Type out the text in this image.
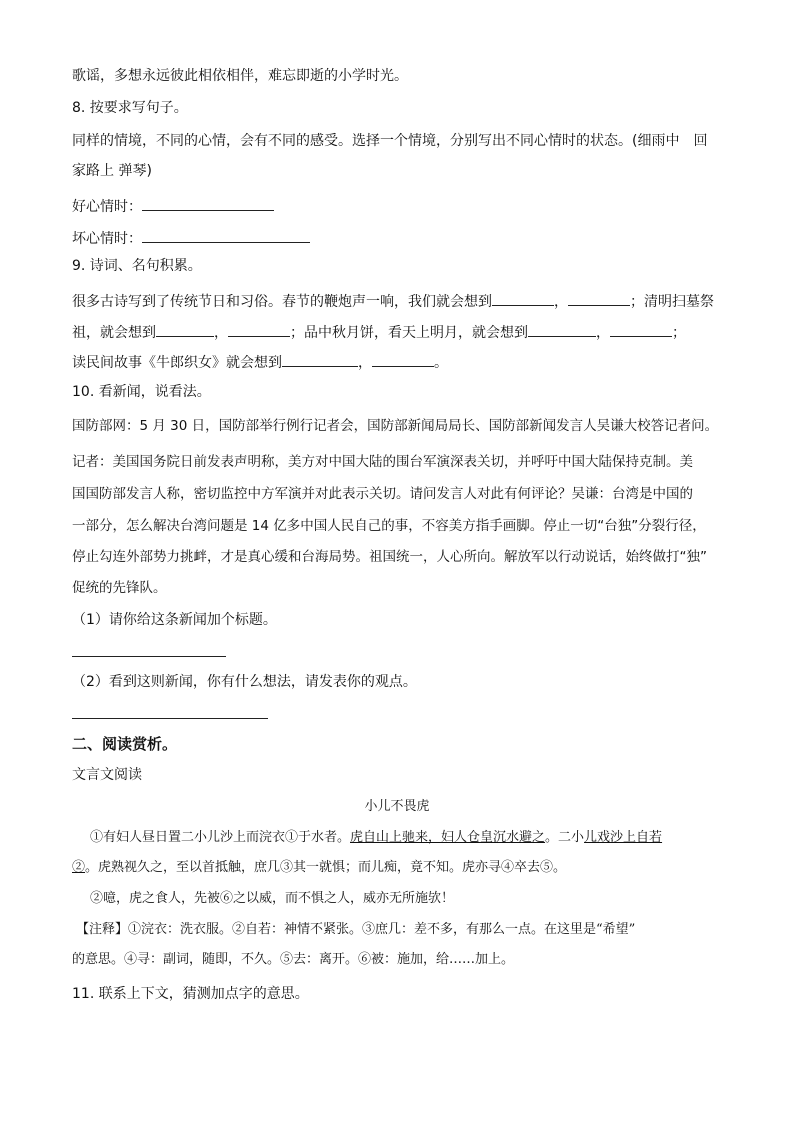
歌谣，多想永远彼此相依相伴，难忘即逝的小学时光。
8. 按要求写句子。
同样的情境，不同的心情，会有不同的感受。选择一个情境，分别写出不同心情时的状态。(细雨中　回
家路上 弹琴)
好心情时：
坏心情时：
9. 诗词、名句积累。
很多古诗写到了传统节日和习俗。春节的鞭炮声一响，我们就会想到	，	；清明扫墓祭
祖，就会想到	，	；品中秋月饼，看天上明月，就会想到	，	；
读民间故事《牛郎织女》就会想到	，	。
10. 看新闻，说看法。
国防部网：5 月 30 日，国防部举行例行记者会，国防部新闻局局长、国防部新闻发言人吴谦大校答记者问。
记者：美国国务院日前发表声明称，美方对中国大陆的围台军演深表关切，并呼吁中国大陆保持克制。美
国国防部发言人称，密切监控中方军演并对此表示关切。请问发言人对此有何评论？吴谦：台湾是中国的
一部分，怎么解决台湾问题是 14 亿多中国人民自己的事，不容美方指手画脚。停止一切“台独”分裂行径，
停止勾连外部势力挑衅，才是真心缓和台海局势。祖国统一，人心所向。解放军以行动说话，始终做打“独”
促统的先锋队。
（1）请你给这条新闻加个标题。
（2）看到这则新闻，你有什么想法，请发表你的观点。
二、阅读赏析。
文言文阅读
小儿不畏虎
①有妇人昼日置二小儿沙上而浣衣①于水者。虎自山上驰来，妇人仓皇沉水避之。二小儿戏沙上自若
②。虎熟视久之，至以首抵触，庶几③其一就惧；而儿痴，竟不知。虎亦寻④卒去⑤。
②噫，虎之食人，先被⑥之以威，而不惧之人，威亦无所施欤！
【注释】①浣衣：洗衣服。②自若：神情不紧张。③庶几：差不多，有那么一点。在这里是“希望”
的意思。④寻：副词，随即，不久。⑤去：离开。⑥被：施加，给……加上。
11. 联系上下文，猜测加点字的意思。
